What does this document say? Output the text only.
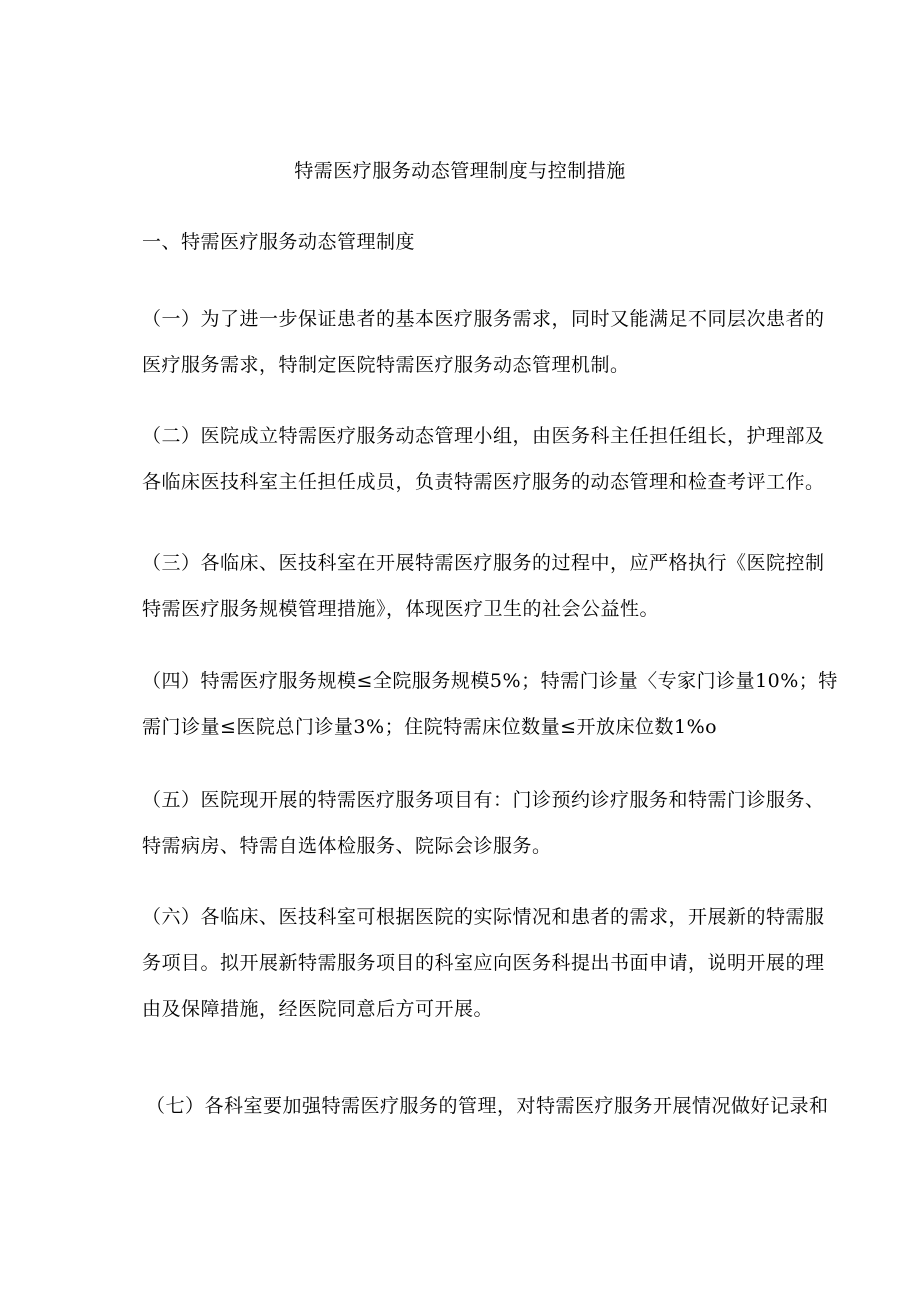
特需医疗服务动态管理制度与控制措施
一、特需医疗服务动态管理制度

（一）为了进一步保证患者的基本医疗服务需求，同时又能满足不同层次患者的
医疗服务需求，特制定医院特需医疗服务动态管理机制。

（二）医院成立特需医疗服务动态管理小组，由医务科主任担任组长，护理部及
各临床医技科室主任担任成员，负责特需医疗服务的动态管理和检查考评工作。

（三）各临床、医技科室在开展特需医疗服务的过程中，应严格执行《医院控制
特需医疗服务规模管理措施》，体现医疗卫生的社会公益性。

（四）特需医疗服务规模≤全院服务规模5%；特需门诊量〈专家门诊量10%；特
需门诊量≤医院总门诊量3%；住院特需床位数量≤开放床位数1%o

（五）医院现开展的特需医疗服务项目有：门诊预约诊疗服务和特需门诊服务、
特需病房、特需自选体检服务、院际会诊服务。

（六）各临床、医技科室可根据医院的实际情况和患者的需求，开展新的特需服
务项目。拟开展新特需服务项目的科室应向医务科提出书面申请，说明开展的理
由及保障措施，经医院同意后方可开展。

（七）各科室要加强特需医疗服务的管理，对特需医疗服务开展情况做好记录和
